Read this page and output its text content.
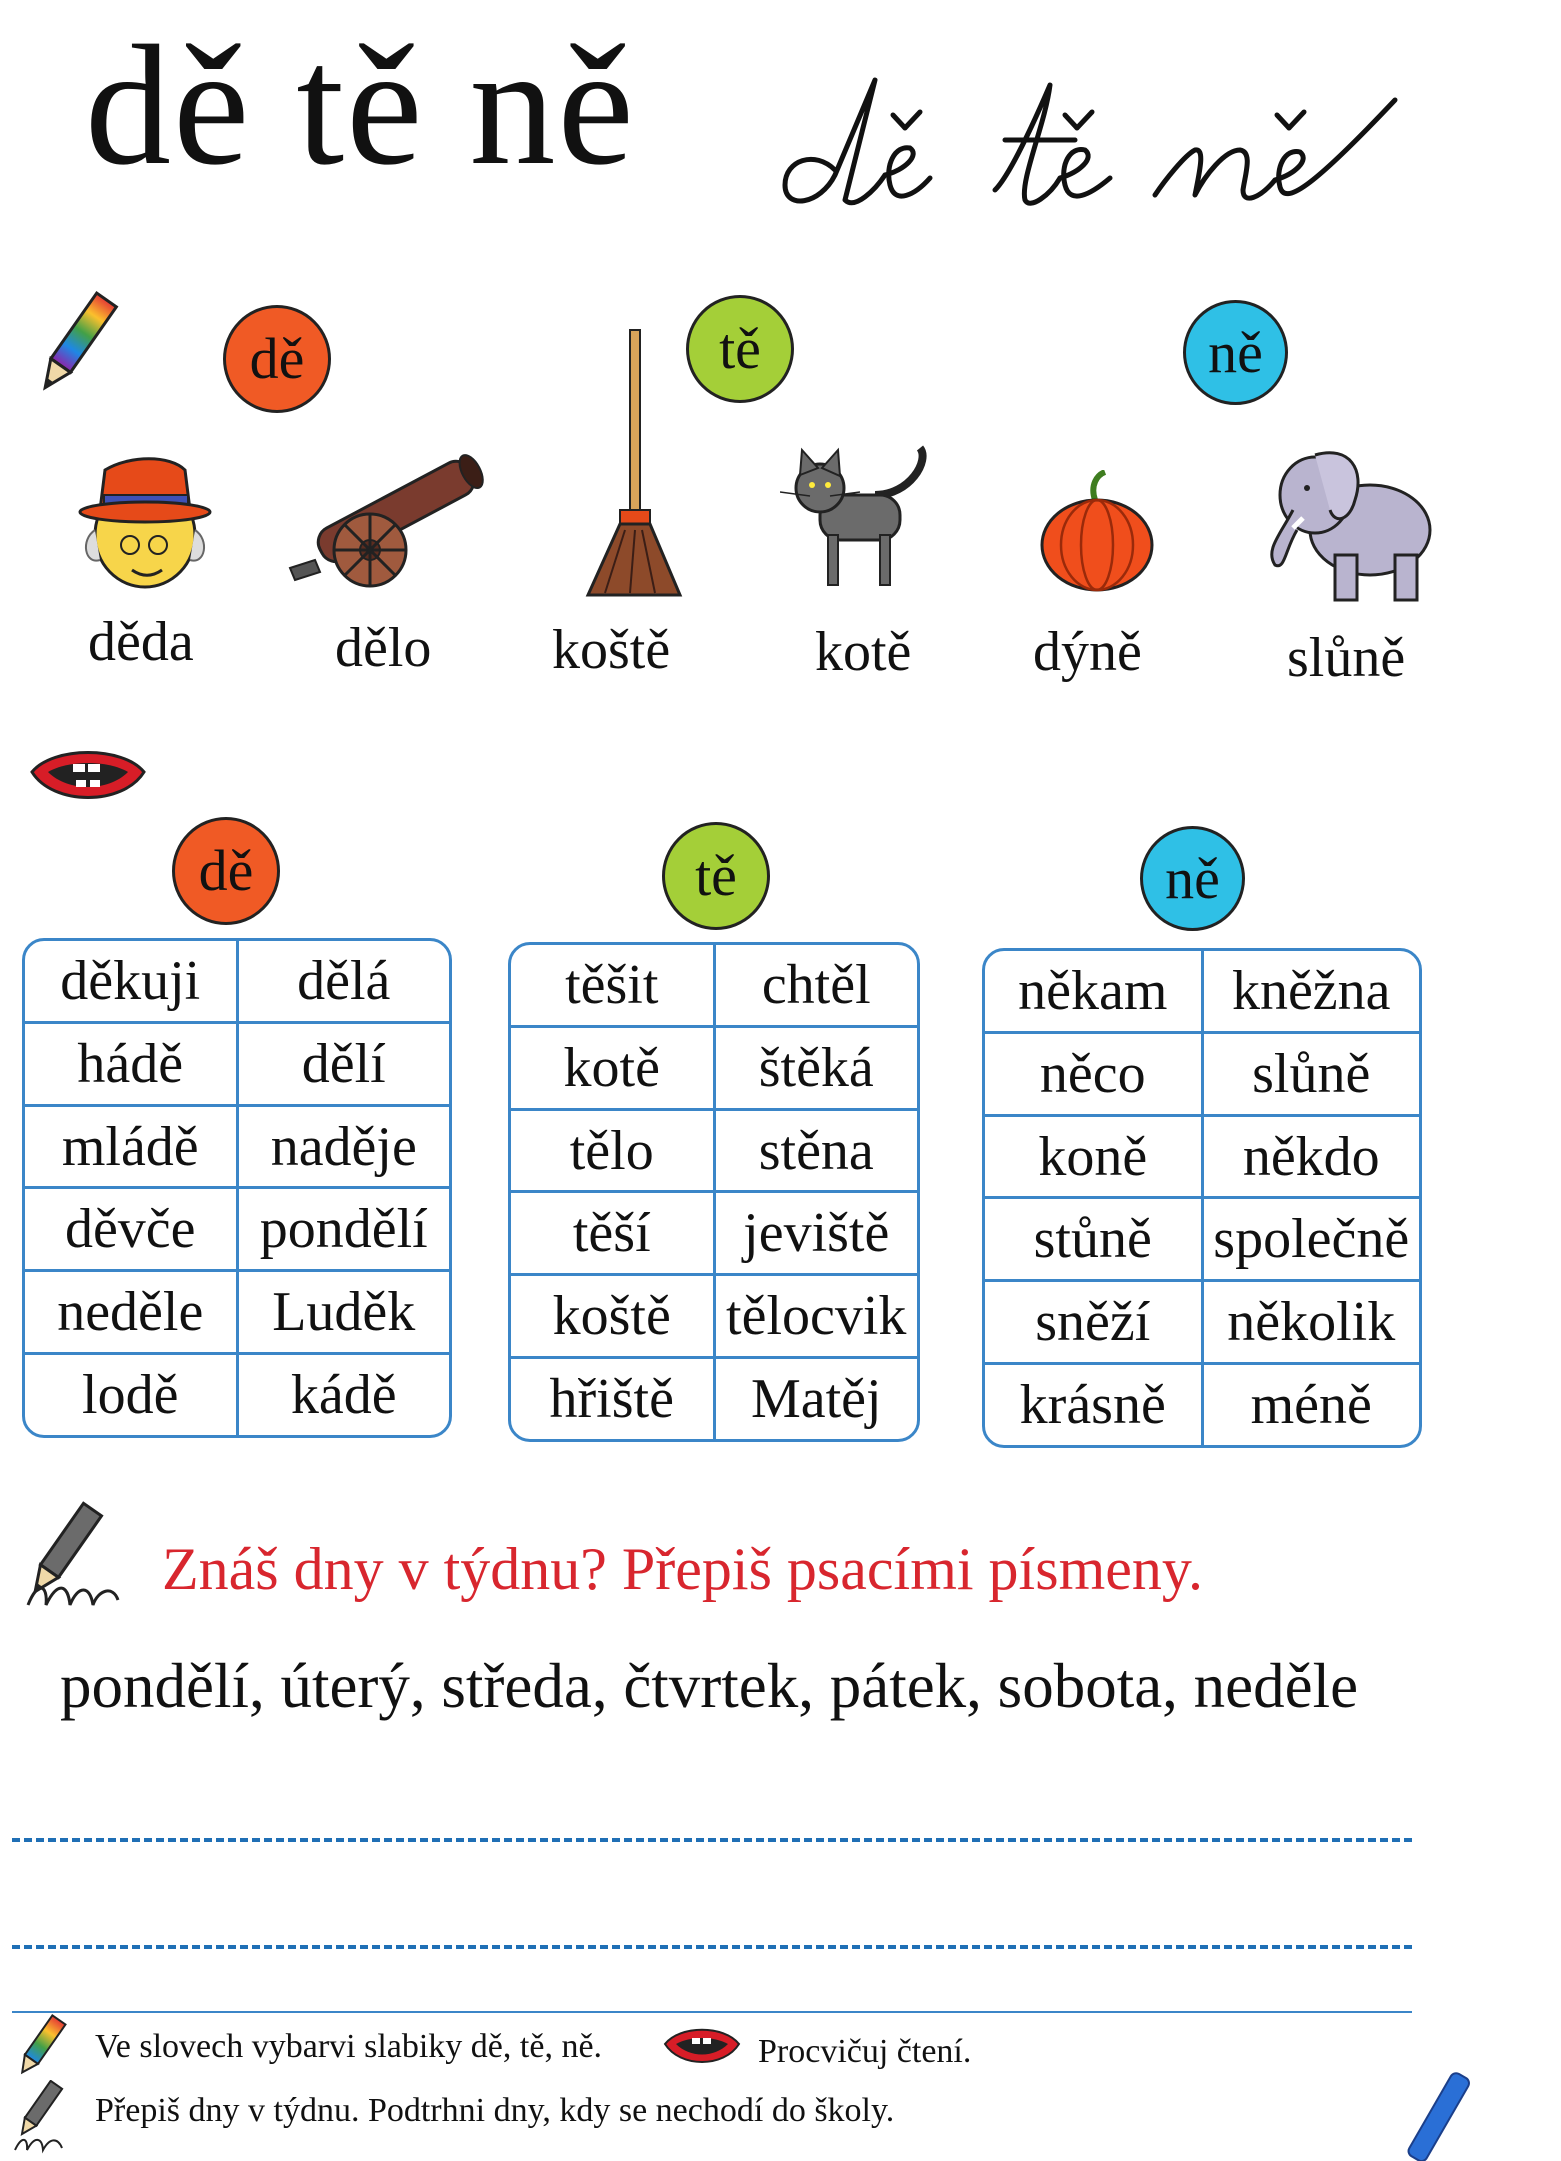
dě tě ně
dě	tě	ně
děda	dělo koště	kotě dýně	slůně
dě	tě	ně
děkuji	dělá
hádě	dělí
mládě	naděje
děvče	pondělí
neděle	Luděk
lodě	kádě
těšit	chtěl
kotě	štěká
tělo	stěna
těší	jeviště
koště	tělocvik
hřiště	Matěj
někam	kněžna
něco	slůně
koně	někdo
stůně	společně
sněží	několik
krásně	méně
Znáš dny v týdnu? Přepiš psacími písmeny.
pondělí, úterý, středa, čtvrtek, pátek, sobota, neděle
Ve slovech vybarvi slabiky dě, tě, ně.	Procvičuj čtení.
Přepiš dny v týdnu. Podtrhni dny, kdy se nechodí do školy.
